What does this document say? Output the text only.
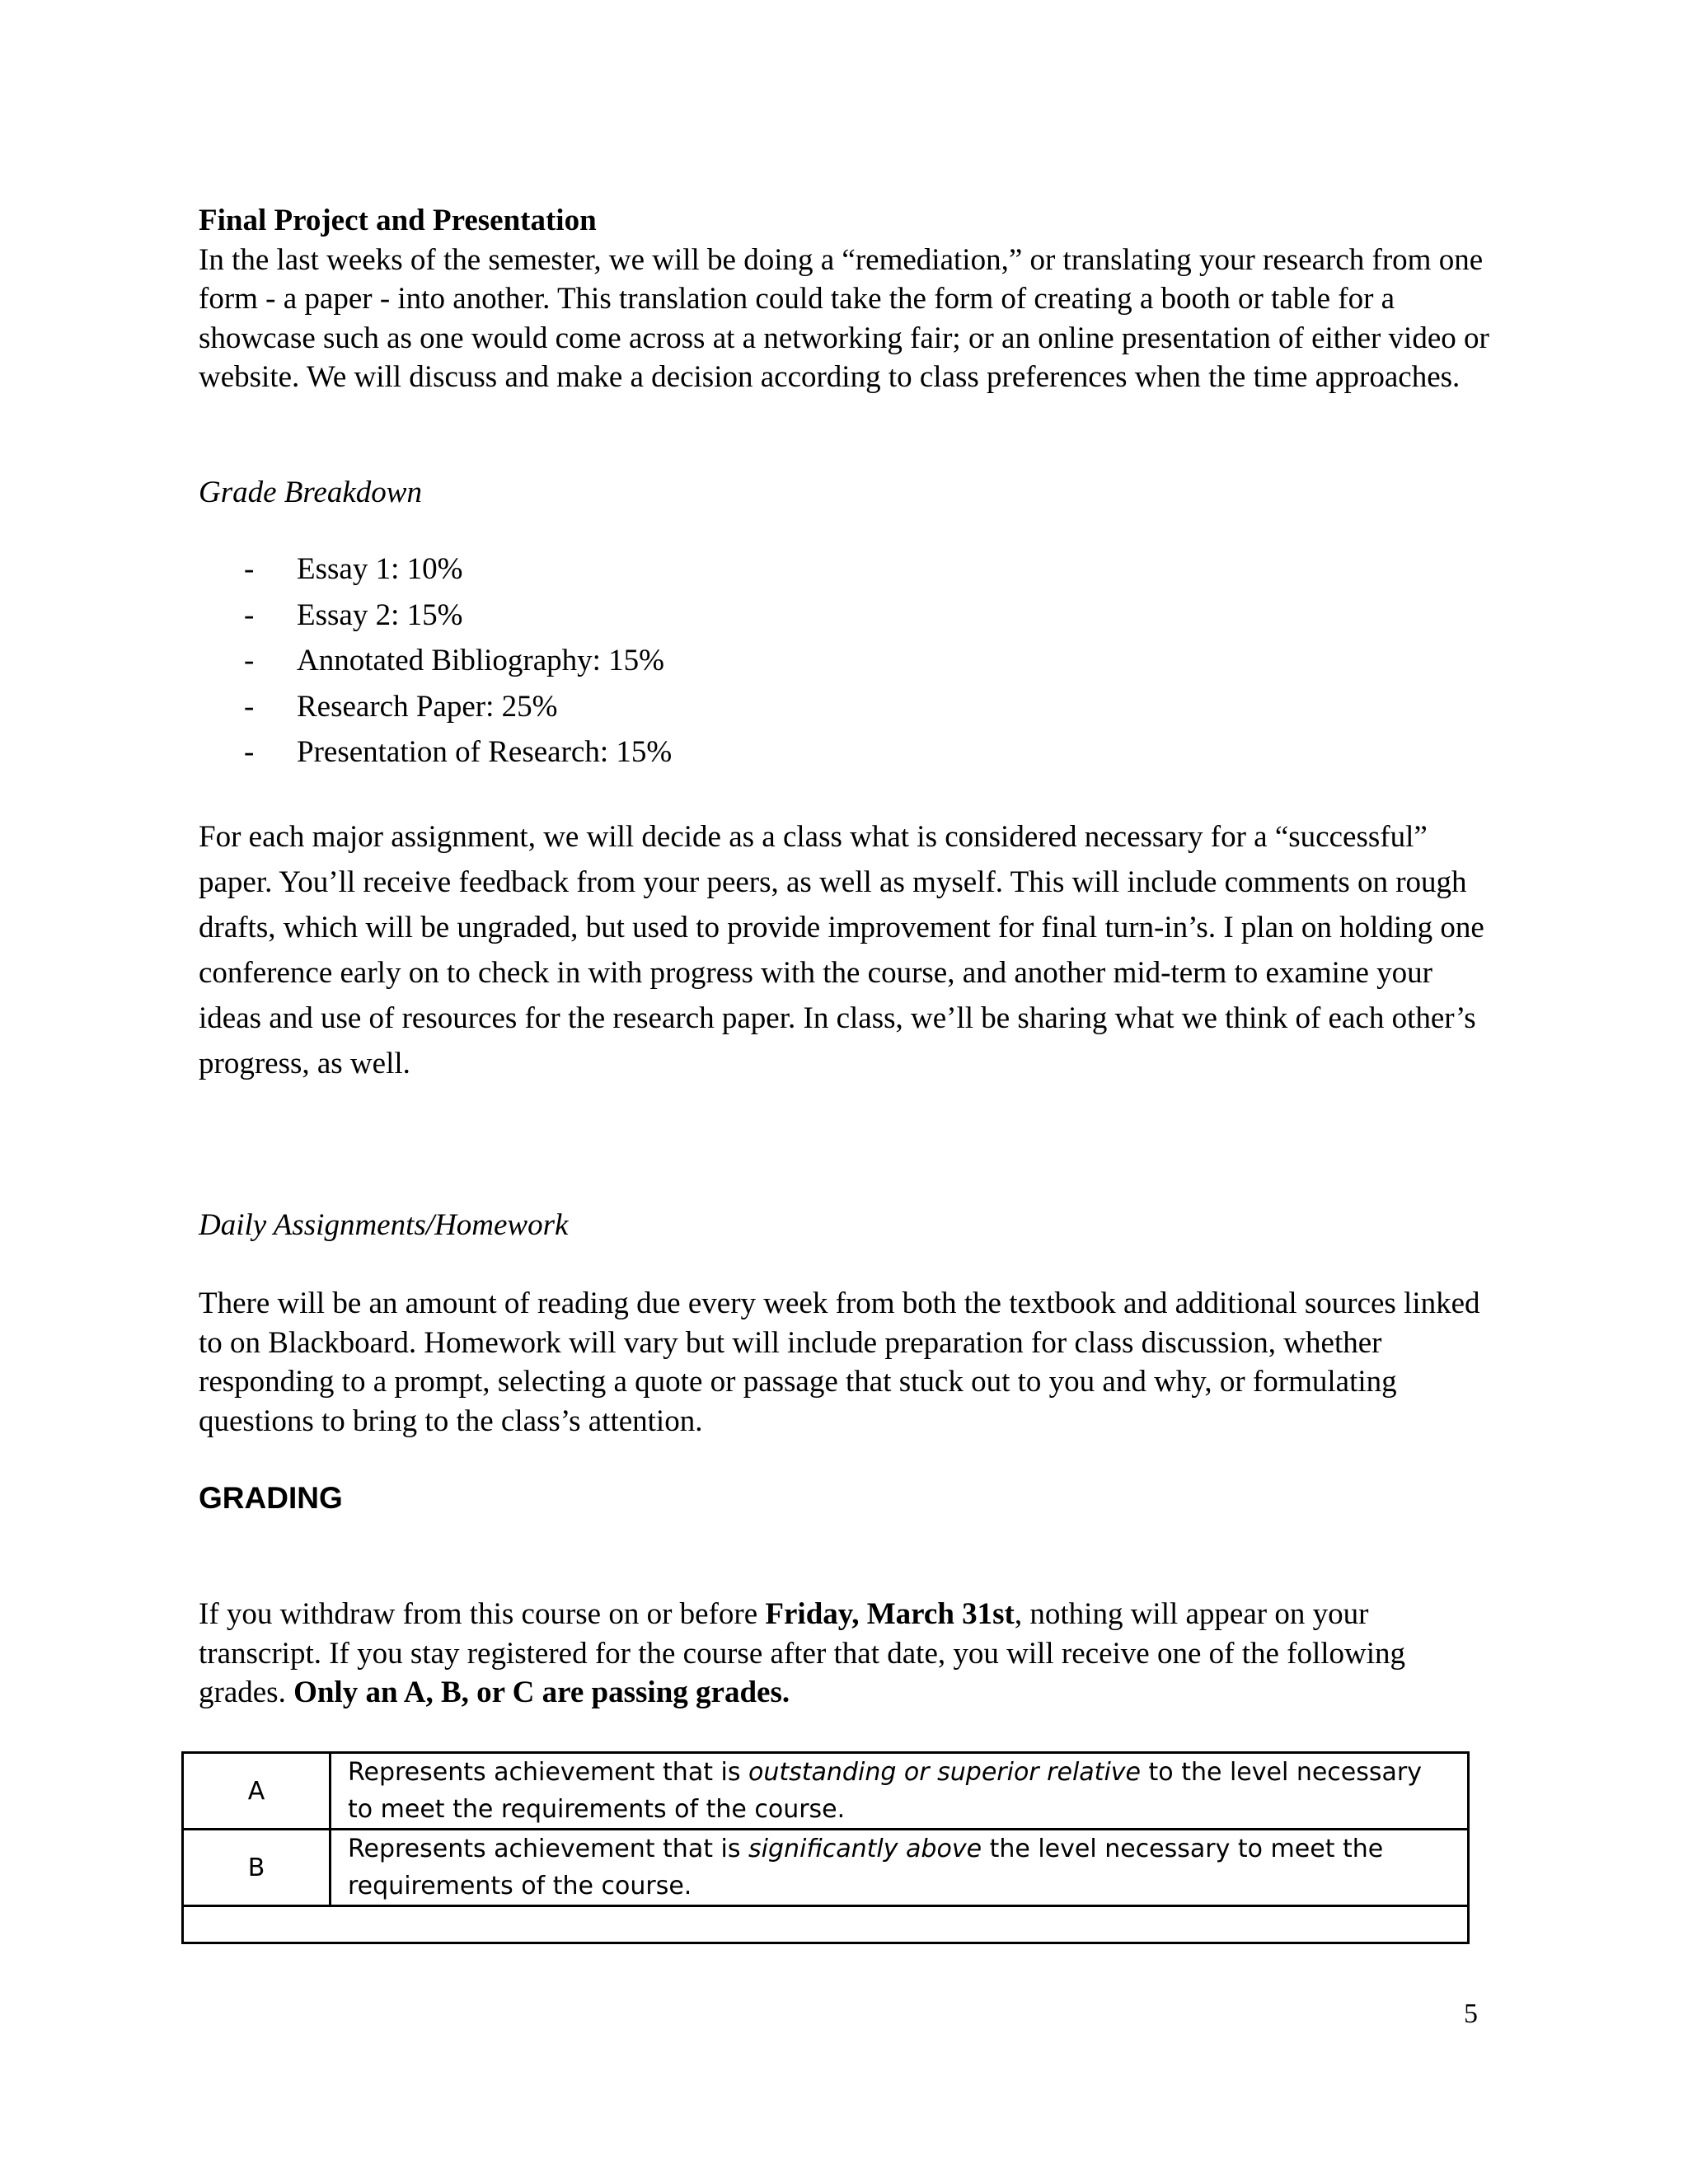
Final Project and Presentation
In the last weeks of the semester, we will be doing a “remediation,” or translating your research from one form - a paper - into another. This translation could take the form of creating a booth or table for a showcase such as one would come across at a networking fair; or an online presentation of either video or website. We will discuss and make a decision according to class preferences when the time approaches.
Grade Breakdown
- Essay 1: 10%
- Essay 2: 15%
- Annotated Bibliography: 15%
- Research Paper: 25%
- Presentation of Research: 15%
For each major assignment, we will decide as a class what is considered necessary for a “successful” paper. You’ll receive feedback from your peers, as well as myself. This will include comments on rough drafts, which will be ungraded, but used to provide improvement for final turn-in’s. I plan on holding one conference early on to check in with progress with the course, and another mid-term to examine your ideas and use of resources for the research paper. In class, we’ll be sharing what we think of each other’s progress, as well.
Daily Assignments/Homework
There will be an amount of reading due every week from both the textbook and additional sources linked to on Blackboard. Homework will vary but will include preparation for class discussion, whether responding to a prompt, selecting a quote or passage that stuck out to you and why, or formulating questions to bring to the class’s attention.
GRADING
If you withdraw from this course on or before Friday, March 31st, nothing will appear on your transcript. If you stay registered for the course after that date, you will receive one of the following grades. Only an A, B, or C are passing grades.
A	Represents achievement that is outstanding or superior relative to the level necessary to meet the requirements of the course.
B	Represents achievement that is significantly above the level necessary to meet the requirements of the course.

5
